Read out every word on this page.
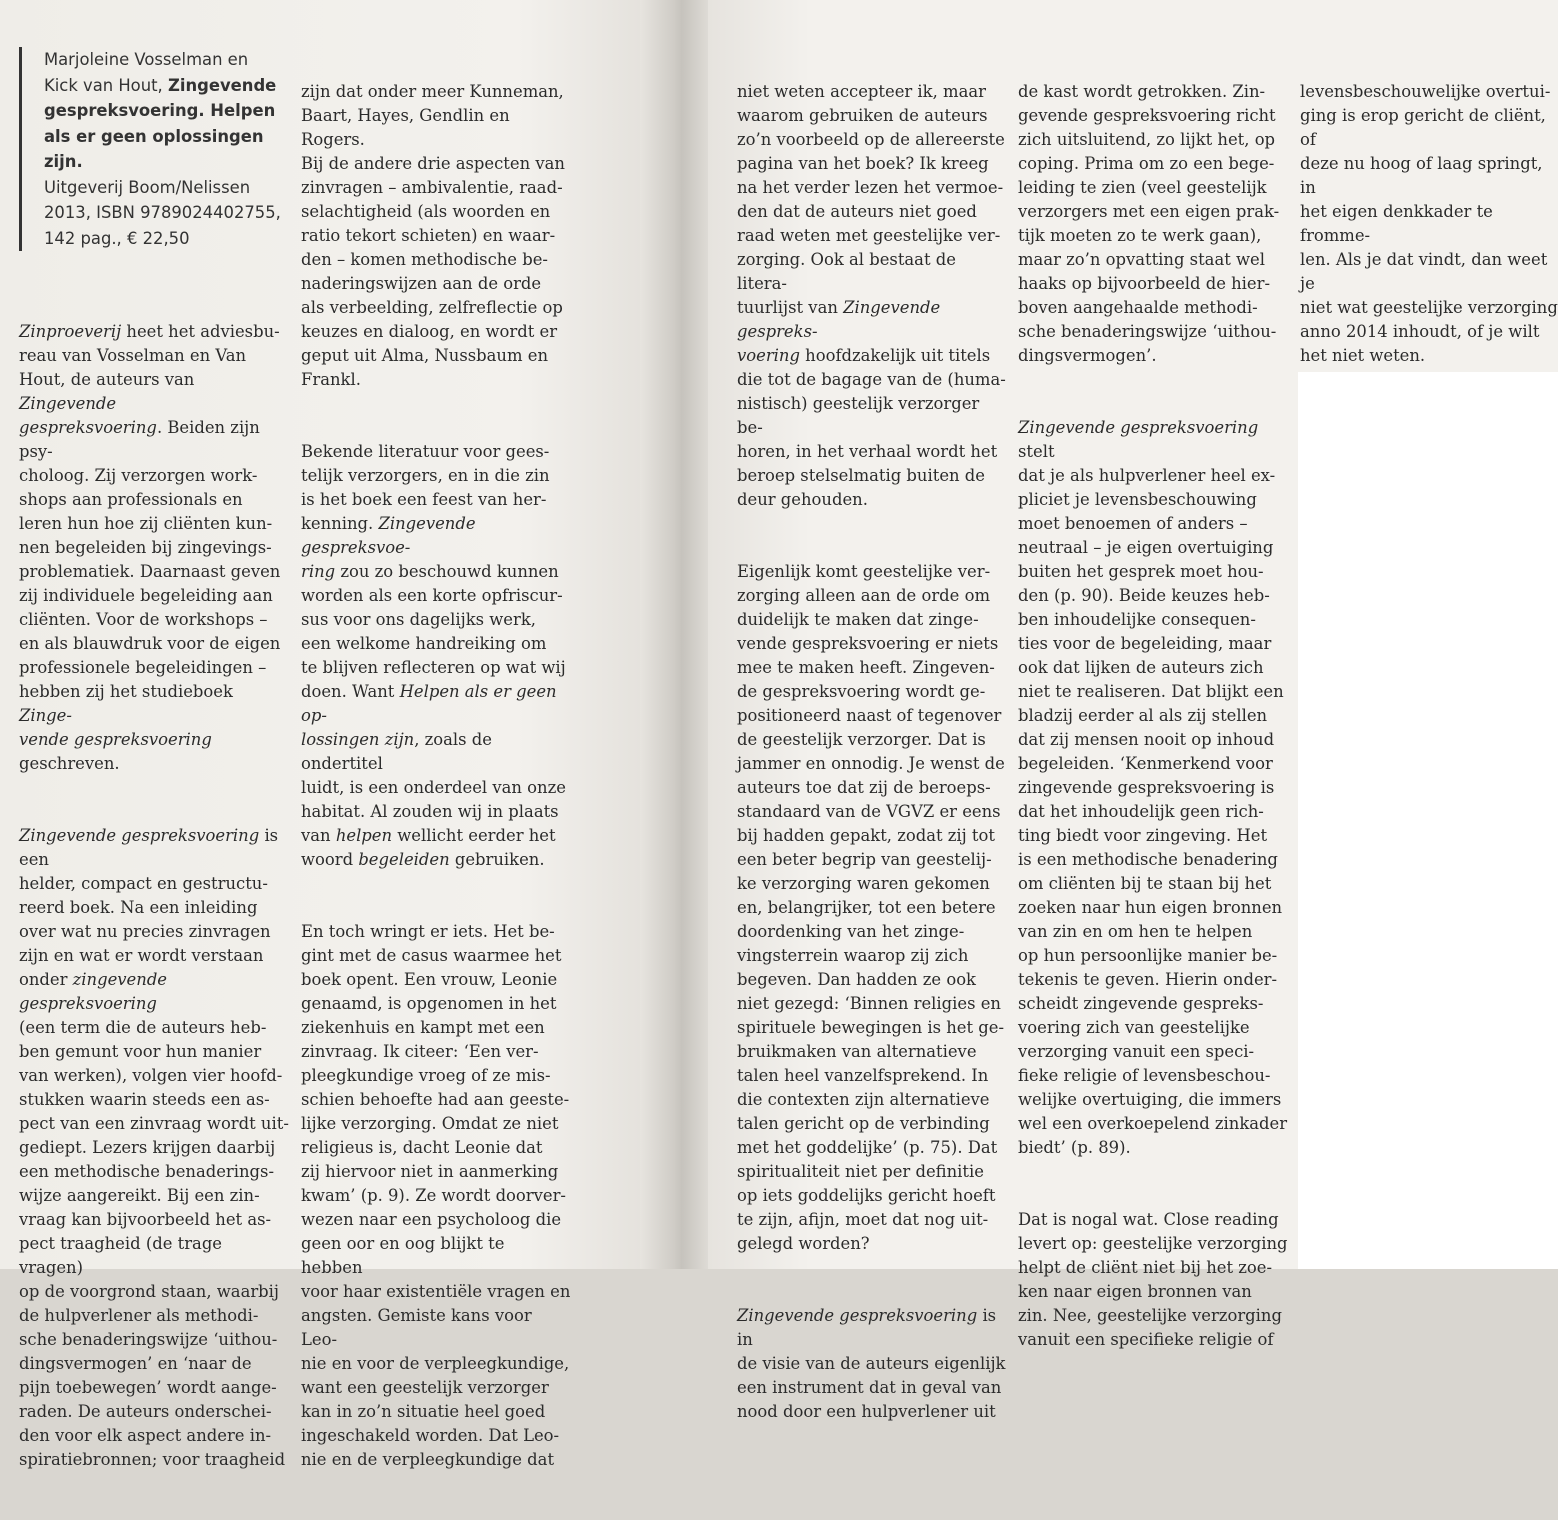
Marjoleine Vosselman en
Kick van Hout, Zingevende
gespreksvoering. Helpen
als er geen oplossingen
zijn.
Uitgeverij Boom/Nelissen
2013, ISBN 9789024402755,
142 pag., € 22,50

Zinproeverij heet het adviesbu-
reau van Vosselman en Van
Hout, de auteurs van Zingevende
gespreksvoering. Beiden zijn psy-
choloog. Zij verzorgen work-
shops aan professionals en
leren hun hoe zij cliënten kun-
nen begeleiden bij zingevings-
problematiek. Daarnaast geven
zij individuele begeleiding aan
cliënten. Voor de workshops –
en als blauwdruk voor de eigen
professionele begeleidingen –
hebben zij het studieboek Zinge-
vende gespreksvoering geschreven.

Zingevende gespreksvoering is een
helder, compact en gestructu-
reerd boek. Na een inleiding
over wat nu precies zinvragen
zijn en wat er wordt verstaan
onder zingevende gespreksvoering
(een term die de auteurs heb-
ben gemunt voor hun manier
van werken), volgen vier hoofd-
stukken waarin steeds een as-
pect van een zinvraag wordt uit-
gediept. Lezers krijgen daarbij
een methodische benaderings-
wijze aangereikt. Bij een zin-
vraag kan bijvoorbeeld het as-
pect traagheid (de trage vragen)
op de voorgrond staan, waarbij
de hulpverlener als methodi-
sche benaderingswijze ‘uithou-
dingsvermogen’ en ‘naar de
pijn toebewegen’ wordt aange-
raden. De auteurs onderschei-
den voor elk aspect andere in-
spiratiebronnen; voor traagheid

zijn dat onder meer Kunneman,
Baart, Hayes, Gendlin en Rogers.
Bij de andere drie aspecten van
zinvragen – ambivalentie, raad-
selachtigheid (als woorden en
ratio tekort schieten) en waar-
den – komen methodische be-
naderingswijzen aan de orde
als verbeelding, zelfreflectie op
keuzes en dialoog, en wordt er
geput uit Alma, Nussbaum en
Frankl.

Bekende literatuur voor gees-
telijk verzorgers, en in die zin
is het boek een feest van her-
kenning. Zingevende gespreksvoe-
ring zou zo beschouwd kunnen
worden als een korte opfriscur-
sus voor ons dagelijks werk,
een welkome handreiking om
te blijven reflecteren op wat wij
doen. Want Helpen als er geen op-
lossingen zijn, zoals de ondertitel
luidt, is een onderdeel van onze
habitat. Al zouden wij in plaats
van helpen wellicht eerder het
woord begeleiden gebruiken.

En toch wringt er iets. Het be-
gint met de casus waarmee het
boek opent. Een vrouw, Leonie
genaamd, is opgenomen in het
ziekenhuis en kampt met een
zinvraag. Ik citeer: ‘Een ver-
pleegkundige vroeg of ze mis-
schien behoefte had aan geeste-
lijke verzorging. Omdat ze niet
religieus is, dacht Leonie dat
zij hiervoor niet in aanmerking
kwam’ (p. 9). Ze wordt doorver-
wezen naar een psycholoog die
geen oor en oog blijkt te hebben
voor haar existentiële vragen en
angsten. Gemiste kans voor Leo-
nie en voor de verpleegkundige,
want een geestelijk verzorger
kan in zo’n situatie heel goed
ingeschakeld worden. Dat Leo-
nie en de verpleegkundige dat

niet weten accepteer ik, maar
waarom gebruiken de auteurs
zo’n voorbeeld op de allereerste
pagina van het boek? Ik kreeg
na het verder lezen het vermoe-
den dat de auteurs niet goed
raad weten met geestelijke ver-
zorging. Ook al bestaat de litera-
tuurlijst van Zingevende gespreks-
voering hoofdzakelijk uit titels
die tot de bagage van de (huma-
nistisch) geestelijk verzorger be-
horen, in het verhaal wordt het
beroep stelselmatig buiten de
deur gehouden.

Eigenlijk komt geestelijke ver-
zorging alleen aan de orde om
duidelijk te maken dat zinge-
vende gespreksvoering er niets
mee te maken heeft. Zingeven-
de gespreksvoering wordt ge-
positioneerd naast of tegenover
de geestelijk verzorger. Dat is
jammer en onnodig. Je wenst de
auteurs toe dat zij de beroeps-
standaard van de VGVZ er eens
bij hadden gepakt, zodat zij tot
een beter begrip van geestelij-
ke verzorging waren gekomen
en, belangrijker, tot een betere
doordenking van het zinge-
vingsterrein waarop zij zich
begeven. Dan hadden ze ook
niet gezegd: ‘Binnen religies en
spirituele bewegingen is het ge-
bruikmaken van alternatieve
talen heel vanzelfsprekend. In
die contexten zijn alternatieve
talen gericht op de verbinding
met het goddelijke’ (p. 75). Dat
spiritualiteit niet per definitie
op iets goddelijks gericht hoeft
te zijn, afijn, moet dat nog uit-
gelegd worden?

Zingevende gespreksvoering is in
de visie van de auteurs eigenlijk
een instrument dat in geval van
nood door een hulpverlener uit

de kast wordt getrokken. Zin-
gevende gespreksvoering richt
zich uitsluitend, zo lijkt het, op
coping. Prima om zo een bege-
leiding te zien (veel geestelijk
verzorgers met een eigen prak-
tijk moeten zo te werk gaan),
maar zo’n opvatting staat wel
haaks op bijvoorbeeld de hier-
boven aangehaalde methodi-
sche benaderingswijze ‘uithou-
dingsvermogen’.

Zingevende gespreksvoering stelt
dat je als hulpverlener heel ex-
pliciet je levensbeschouwing
moet benoemen of anders –
neutraal – je eigen overtuiging
buiten het gesprek moet hou-
den (p. 90). Beide keuzes heb-
ben inhoudelijke consequen-
ties voor de begeleiding, maar
ook dat lijken de auteurs zich
niet te realiseren. Dat blijkt een
bladzij eerder al als zij stellen
dat zij mensen nooit op inhoud
begeleiden. ‘Kenmerkend voor
zingevende gespreksvoering is
dat het inhoudelijk geen rich-
ting biedt voor zingeving. Het
is een methodische benadering
om cliënten bij te staan bij het
zoeken naar hun eigen bronnen
van zin en om hen te helpen
op hun persoonlijke manier be-
tekenis te geven. Hierin onder-
scheidt zingevende gespreks-
voering zich van geestelijke
verzorging vanuit een speci-
fieke religie of levensbeschou-
welijke overtuiging, die immers
wel een overkoepelend zinkader
biedt’ (p. 89).

Dat is nogal wat. Close reading
levert op: geestelijke verzorging
helpt de cliënt niet bij het zoe-
ken naar eigen bronnen van
zin. Nee, geestelijke verzorging
vanuit een specifieke religie of

levensbeschouwelijke overtui-
ging is erop gericht de cliënt, of
deze nu hoog of laag springt, in
het eigen denkkader te fromme-
len. Als je dat vindt, dan weet je
niet wat geestelijke verzorging
anno 2014 inhoudt, of je wilt
het niet weten.
